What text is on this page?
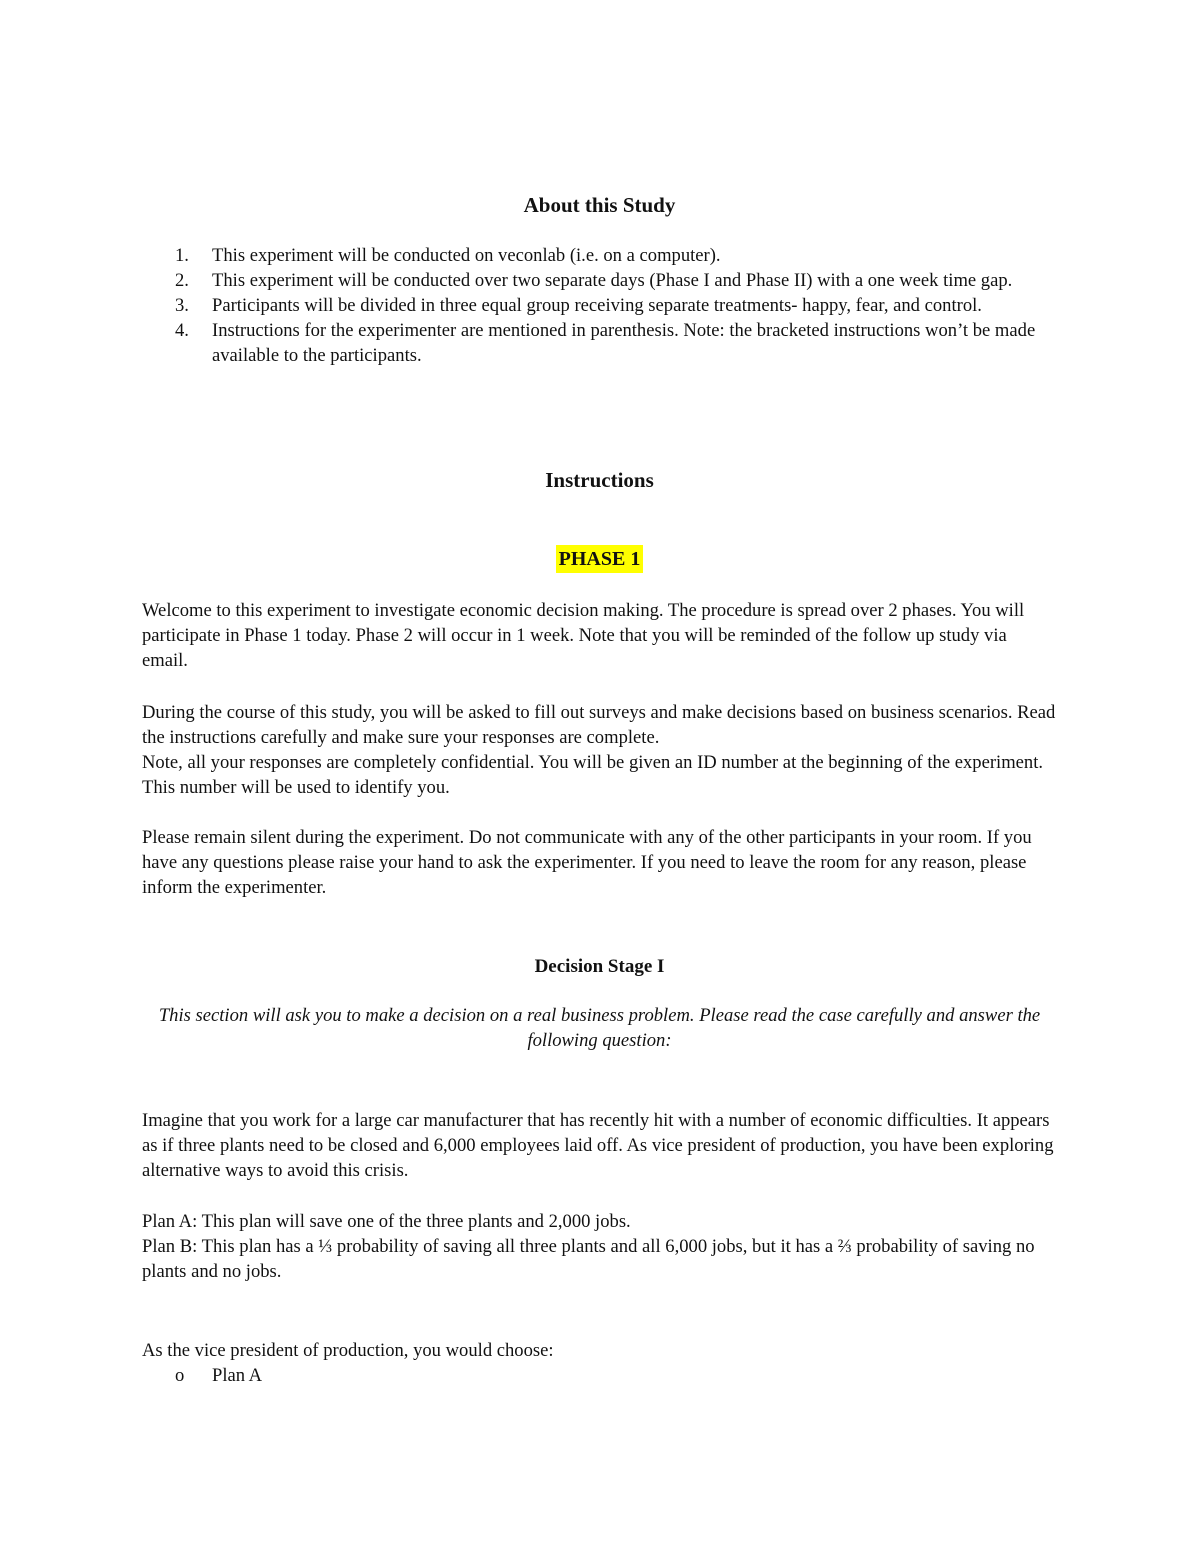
About this Study
1. This experiment will be conducted on veconlab (i.e. on a computer).
2. This experiment will be conducted over two separate days (Phase I and Phase II) with a one week time gap.
3. Participants will be divided in three equal group receiving separate treatments- happy, fear, and control.
4. Instructions for the experimenter are mentioned in parenthesis. Note: the bracketed instructions won’t be made available to the participants.
Instructions
PHASE 1

Welcome to this experiment to investigate economic decision making. The procedure is spread over 2 phases. You will participate in Phase 1 today. Phase 2 will occur in 1 week. Note that you will be reminded of the follow up study via email.

During the course of this study, you will be asked to fill out surveys and make decisions based on business scenarios. Read the instructions carefully and make sure your responses are complete.
Note, all your responses are completely confidential. You will be given an ID number at the beginning of the experiment. This number will be used to identify you.

Please remain silent during the experiment. Do not communicate with any of the other participants in your room. If you have any questions please raise your hand to ask the experimenter. If you need to leave the room for any reason, please inform the experimenter.

Decision Stage I

This section will ask you to make a decision on a real business problem. Please read the case carefully and answer the following question:

Imagine that you work for a large car manufacturer that has recently hit with a number of economic difficulties. It appears as if three plants need to be closed and 6,000 employees laid off. As vice president of production, you have been exploring alternative ways to avoid this crisis.

Plan A: This plan will save one of the three plants and 2,000 jobs.
Plan B: This plan has a ⅓ probability of saving all three plants and all 6,000 jobs, but it has a ⅔ probability of saving no plants and no jobs.

As the vice president of production, you would choose:

o Plan A
